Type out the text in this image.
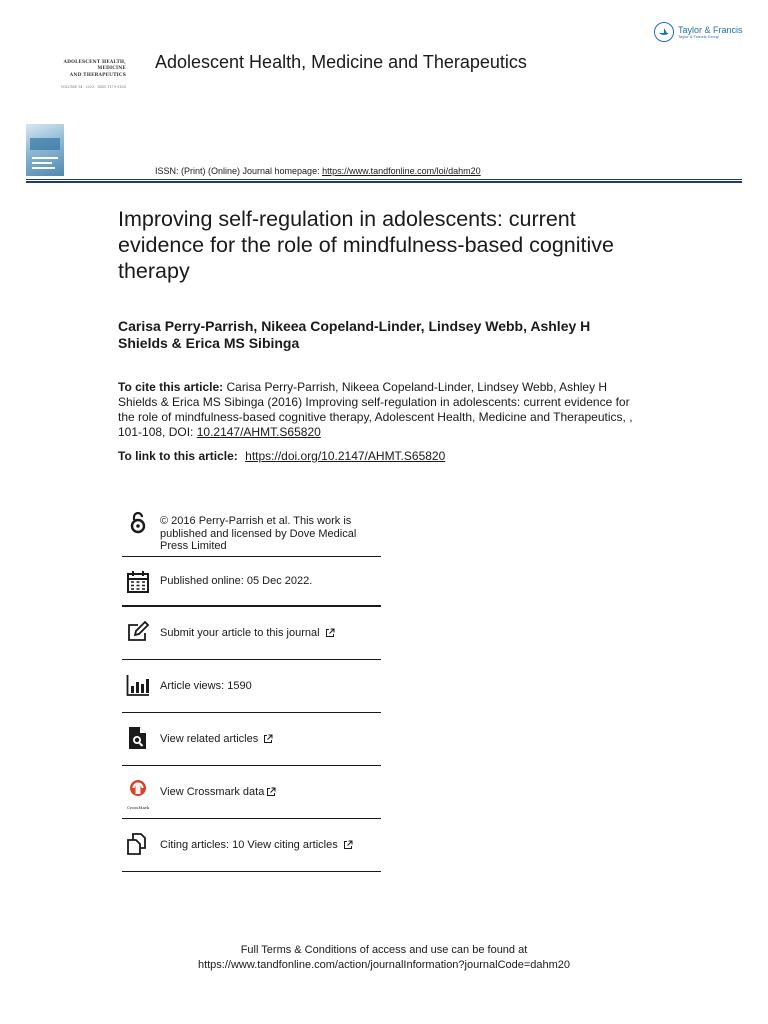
Taylor & Francis
Taylor & Francis Group
ADOLESCENT HEALTH, MEDICINE
AND THERAPEUTICS
VOLUME 14 · 2023 · ISSN 1179-318X
Adolescent Health, Medicine and Therapeutics
ISSN: (Print) (Online) Journal homepage: https://www.tandfonline.com/loi/dahm20
Improving self-regulation in adolescents: current evidence for the role of mindfulness-based cognitive therapy
Carisa Perry-Parrish, Nikeea Copeland-Linder, Lindsey Webb, Ashley H Shields & Erica MS Sibinga
To cite this article: Carisa Perry-Parrish, Nikeea Copeland-Linder, Lindsey Webb, Ashley H Shields & Erica MS Sibinga (2016) Improving self-regulation in adolescents: current evidence for the role of mindfulness-based cognitive therapy, Adolescent Health, Medicine and Therapeutics, , 101-108, DOI: 10.2147/AHMT.S65820
To link to this article: https://doi.org/10.2147/AHMT.S65820
© 2016 Perry-Parrish et al. This work is published and licensed by Dove Medical Press Limited
Published online: 05 Dec 2022.
Submit your article to this journal
Article views: 1590
View related articles
CrossMark
View Crossmark data
Citing articles: 10 View citing articles
Full Terms & Conditions of access and use can be found at
https://www.tandfonline.com/action/journalInformation?journalCode=dahm20
